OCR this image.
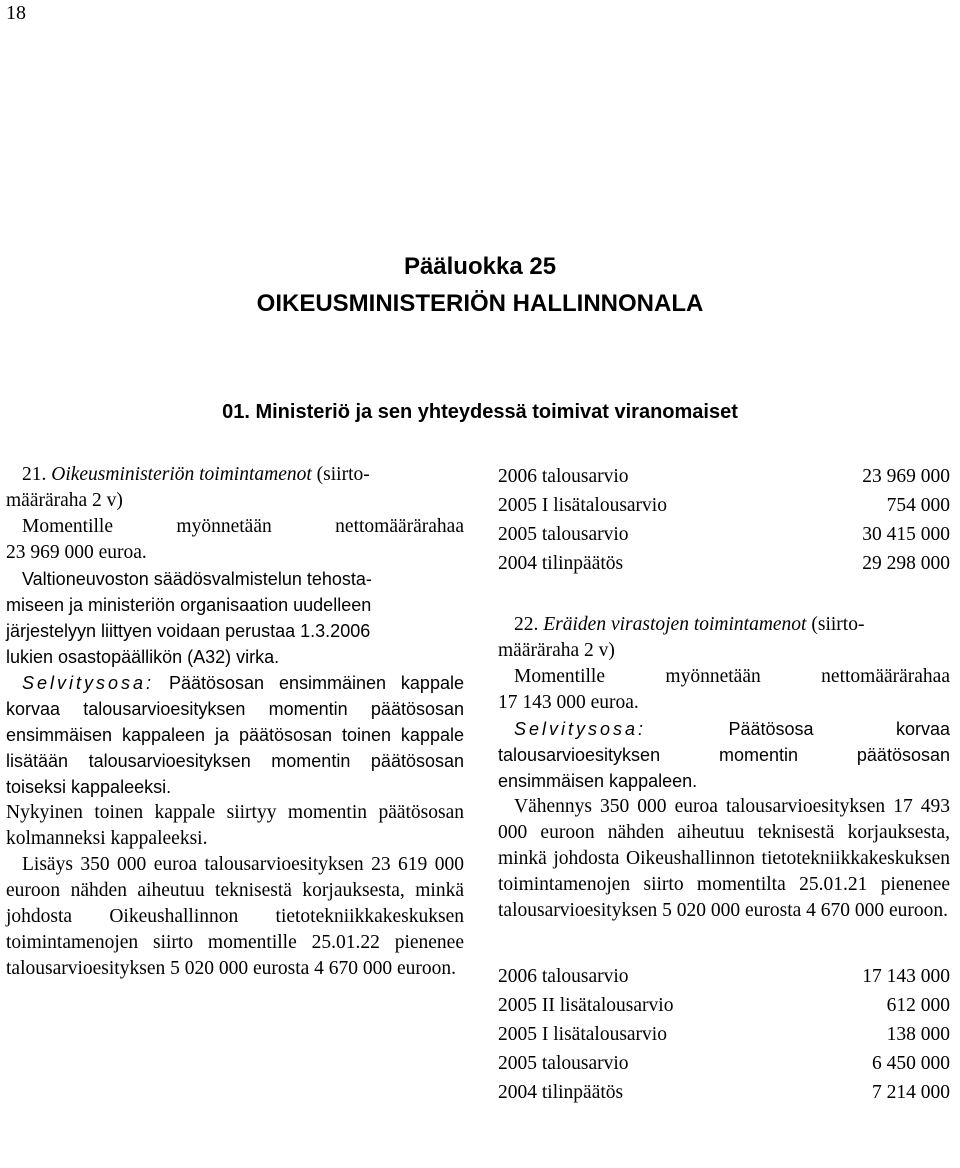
18
Pääluokka 25
OIKEUSMINISTERIÖN HALLINNONALA
01. Ministeriö ja sen yhteydessä toimivat viranomaiset
21. Oikeusministeriön toimintamenot (siirto-
määräraha 2 v)
Momentille myönnetään nettomäärärahaa
23 969 000 euroa.
Valtioneuvoston säädösvalmistelun tehosta-
miseen ja ministeriön organisaation uudelleen
järjestelyyn liittyen voidaan perustaa 1.3.2006
lukien osastopäällikön (A32) virka.
Selvitysosa: Päätösosan ensimmäinen kappale korvaa talousarvioesityksen momentin päätösosan ensimmäisen kappaleen ja päätösosan toinen kappale lisätään talousarvioesityksen momentin päätösosan toiseksi kappaleeksi.
Nykyinen toinen kappale siirtyy momentin päätösosan kolmanneksi kappaleeksi.
Lisäys 350 000 euroa talousarvioesityksen 23 619 000 euroon nähden aiheutuu teknisestä korjauksesta, minkä johdosta Oikeushallinnon tietotekniikkakeskuksen toimintamenojen siirto momentille 25.01.22 pienenee talousarvioesityksen 5 020 000 eurosta 4 670 000 euroon.
2006 talousarvio	23 969 000
2005 I lisätalousarvio	754 000
2005 talousarvio	30 415 000
2004 tilinpäätös	29 298 000
22. Eräiden virastojen toimintamenot (siirto-
määräraha 2 v)
Momentille myönnetään nettomäärärahaa
17 143 000 euroa.
Selvitysosa:	Päätösosa korvaa talousarvioesityksen momentin päätösosan ensimmäisen kappaleen.
Vähennys 350 000 euroa talousarvioesityksen 17 493 000 euroon nähden aiheutuu teknisestä korjauksesta, minkä johdosta Oikeushallinnon tietotekniikkakeskuksen toimintamenojen siirto momentilta 25.01.21 pienenee talousarvioesityksen 5 020 000 eurosta 4 670 000 euroon.
2006 talousarvio	17 143 000
2005 II lisätalousarvio	612 000
2005 I lisätalousarvio	138 000
2005 talousarvio	6 450 000
2004 tilinpäätös	7 214 000
